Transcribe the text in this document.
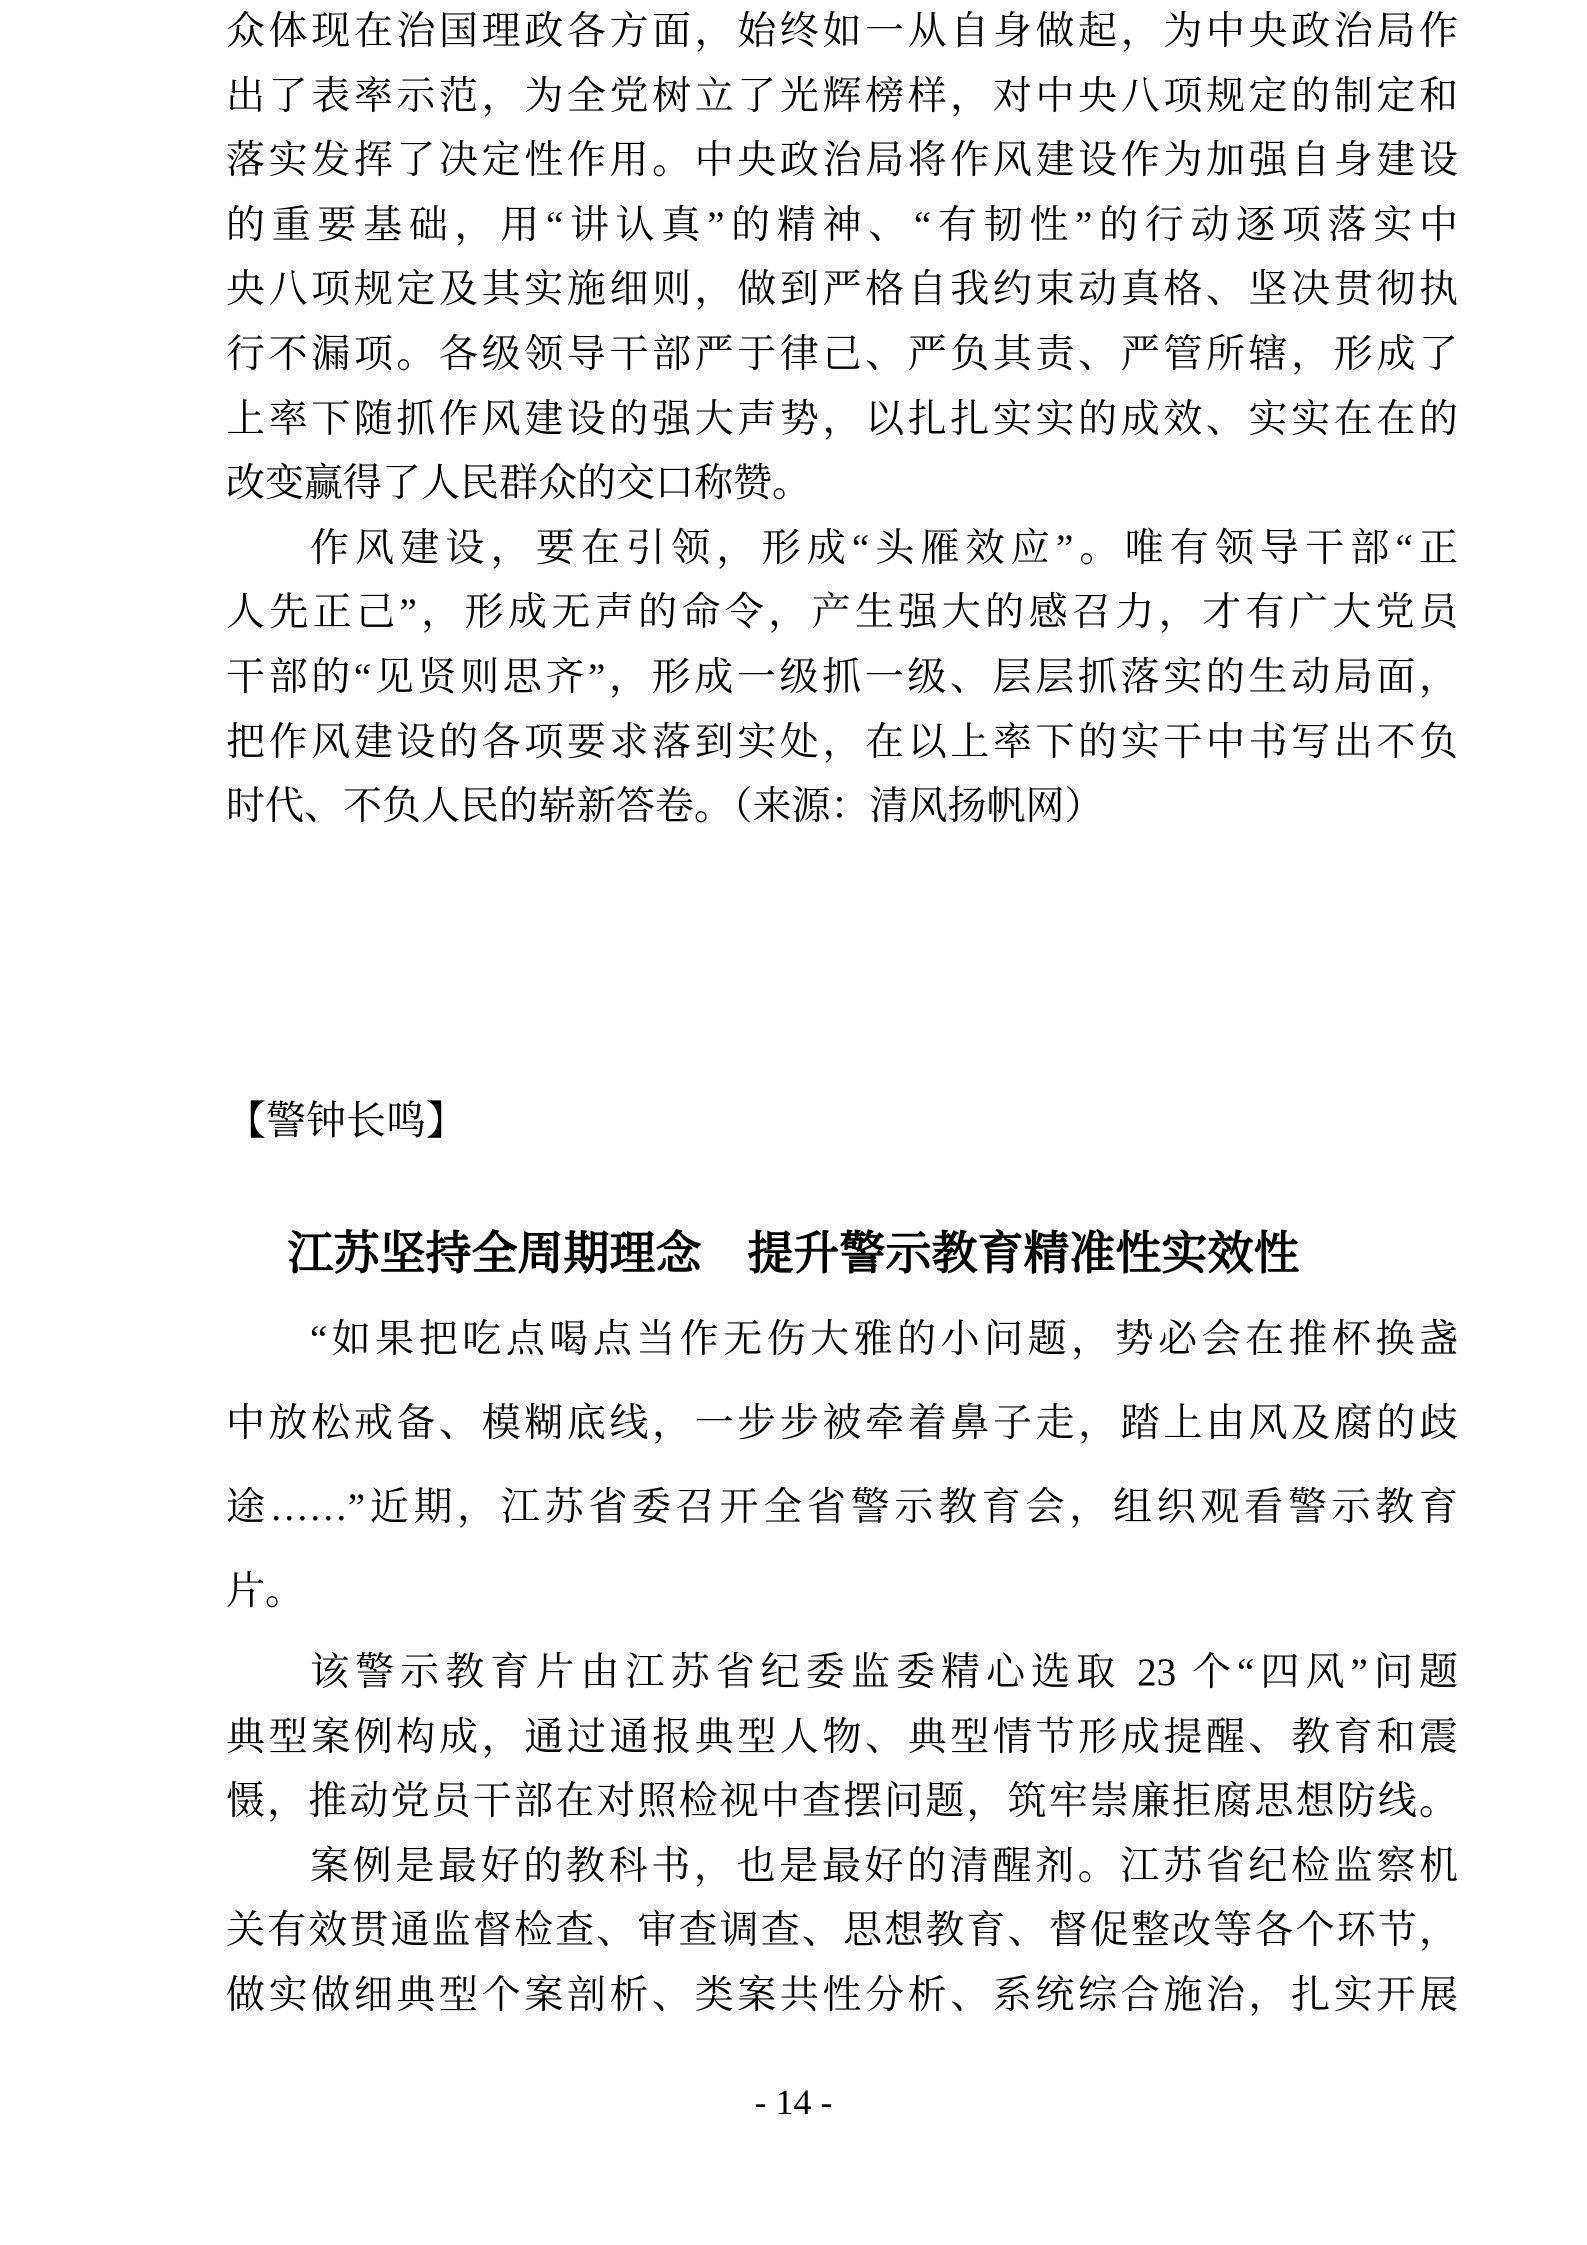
众体现在治国理政各方面，始终如一从自身做起，为中央政治局作
出了表率示范，为全党树立了光辉榜样，对中央八项规定的制定和
落实发挥了决定性作用。中央政治局将作风建设作为加强自身建设
的重要基础，用“讲认真”的精神、“有韧性”的行动逐项落实中
央八项规定及其实施细则，做到严格自我约束动真格、坚决贯彻执
行不漏项。各级领导干部严于律己、严负其责、严管所辖，形成了
上率下随抓作风建设的强大声势，以扎扎实实的成效、实实在在的
改变赢得了人民群众的交口称赞。
作风建设，要在引领，形成“头雁效应”。唯有领导干部“正
人先正己”，形成无声的命令，产生强大的感召力，才有广大党员
干部的“见贤则思齐”，形成一级抓一级、层层抓落实的生动局面，
把作风建设的各项要求落到实处，在以上率下的实干中书写出不负
时代、不负人民的崭新答卷。（来源：清风扬帆网）
【警钟长鸣】
江苏坚持全周期理念　提升警示教育精准性实效性
“如果把吃点喝点当作无伤大雅的小问题，势必会在推杯换盏
中放松戒备、模糊底线，一步步被牵着鼻子走，踏上由风及腐的歧
途……”近期，江苏省委召开全省警示教育会，组织观看警示教育
片。
该警示教育片由江苏省纪委监委精心选取 23 个“四风”问题
典型案例构成，通过通报典型人物、典型情节形成提醒、教育和震
慑，推动党员干部在对照检视中查摆问题，筑牢崇廉拒腐思想防线。
案例是最好的教科书，也是最好的清醒剂。江苏省纪检监察机
关有效贯通监督检查、审查调查、思想教育、督促整改等各个环节，
做实做细典型个案剖析、类案共性分析、系统综合施治，扎实开展
- 14 -
